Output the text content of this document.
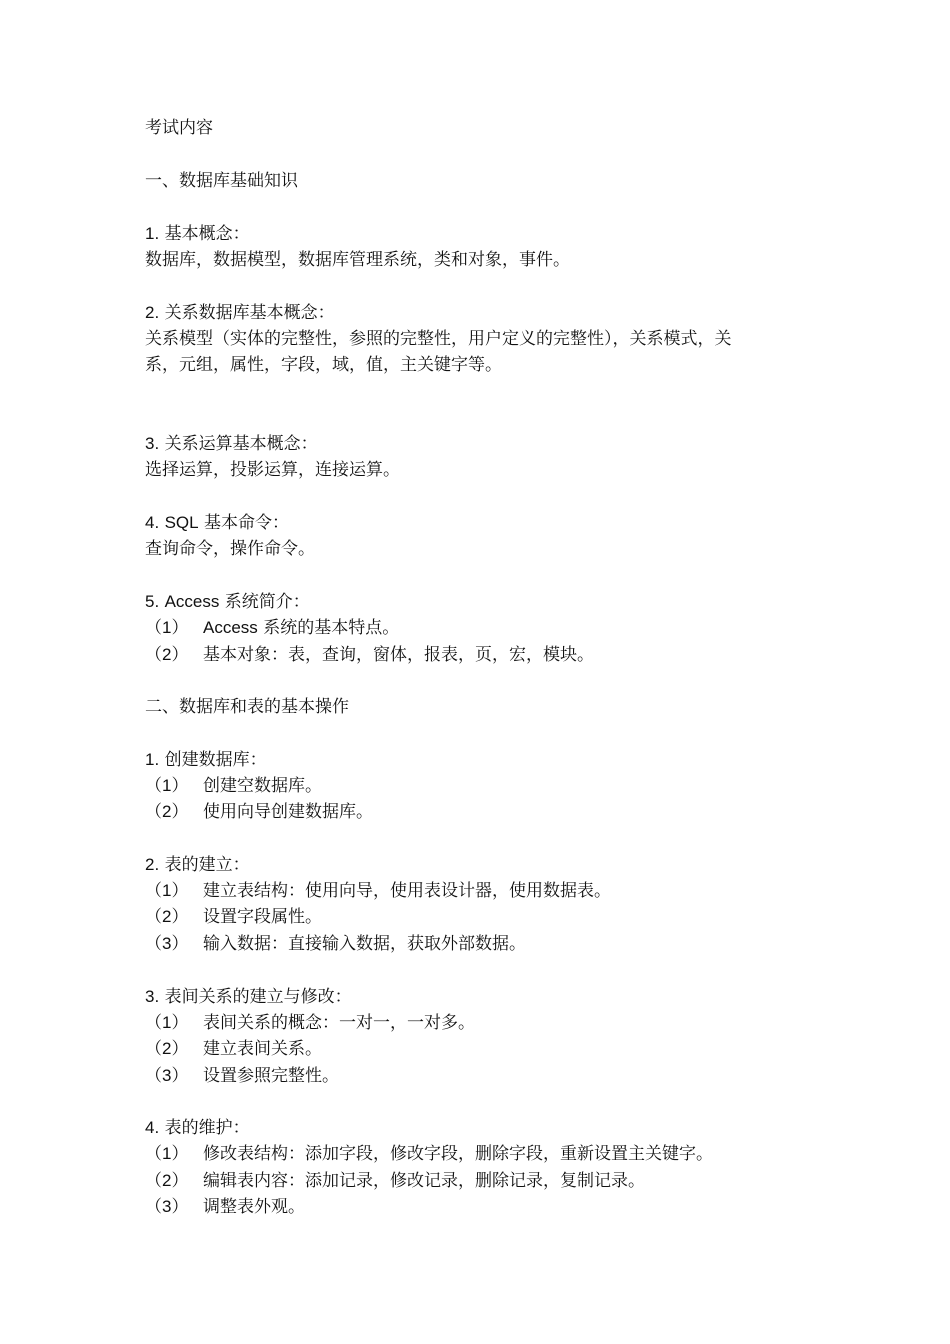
考试内容
一、数据库基础知识
1. 基本概念：
数据库，数据模型，数据库管理系统，类和对象，事件。
2. 关系数据库基本概念：
关系模型（实体的完整性，参照的完整性，用户定义的完整性），关系模式，关
系，元组，属性，字段，域，值，主关键字等。
3. 关系运算基本概念：
选择运算，投影运算，连接运算。
4. SQL 基本命令：
查询命令，操作命令。
5. Access 系统简介：
（1） Access 系统的基本特点。
（2） 基本对象：表，查询，窗体，报表，页，宏，模块。
二、数据库和表的基本操作
1. 创建数据库：
（1） 创建空数据库。
（2） 使用向导创建数据库。
2. 表的建立：
（1） 建立表结构：使用向导，使用表设计器，使用数据表。
（2） 设置字段属性。
（3） 输入数据：直接输入数据，获取外部数据。
3. 表间关系的建立与修改：
（1） 表间关系的概念：一对一，一对多。
（2） 建立表间关系。
（3） 设置参照完整性。
4. 表的维护：
（1） 修改表结构：添加字段，修改字段，删除字段，重新设置主关键字。
（2） 编辑表内容：添加记录，修改记录，删除记录，复制记录。
（3） 调整表外观。
